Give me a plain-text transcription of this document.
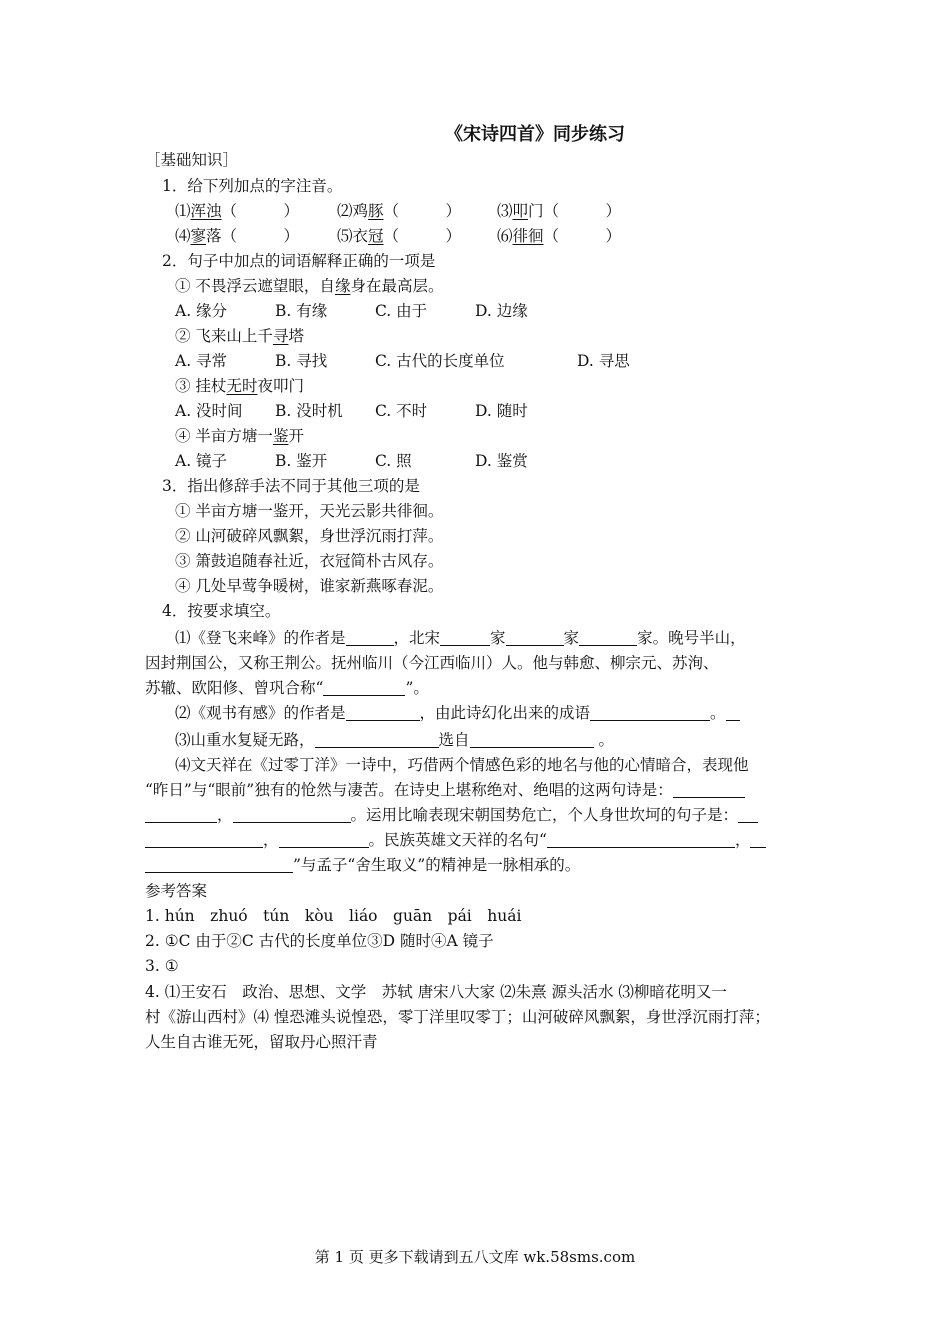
《宋诗四首》同步练习
［基础知识］
1．给下列加点的字注音。
⑴浑浊（　　　） ⑵鸡豚（　　　） ⑶叩门（　　　）
⑷寥落（　　　） ⑸衣冠（　　　） ⑹徘徊（　　　）
2．句子中加点的词语解释正确的一项是
① 不畏浮云遮望眼，自缘身在最高层。
A. 缘分	B. 有缘	C. 由于	D. 边缘
② 飞来山上千寻塔
A. 寻常	B. 寻找	C. 古代的长度单位	D. 寻思
③ 挂杖无时夜叩门
A. 没时间 B. 没时机 C. 不时	D. 随时
④ 半亩方塘一鉴开
A. 镜子	B. 鉴开	C. 照	D. 鉴赏
3．指出修辞手法不同于其他三项的是
① 半亩方塘一鉴开，天光云影共徘徊。
② 山河破碎风飘絮，身世浮沉雨打萍。
③ 箫鼓追随春社近，衣冠简朴古风存。
④ 几处早莺争暖树，谁家新燕啄春泥。
4．按要求填空。
⑴《登飞来峰》的作者是	，北宋	家	家	家。晚号半山，
因封荆国公，又称王荆公。抚州临川（今江西临川）人。他与韩愈、柳宗元、苏洵、
苏辙、欧阳修、曾巩合称“	”。
⑵《观书有感》的作者是	，由此诗幻化出来的成语	。
⑶山重水复疑无路，	选自	。
⑷文天祥在《过零丁洋》一诗中，巧借两个情感色彩的地名与他的心情暗合，表现他
“昨日”与“眼前”独有的怆然与凄苦。在诗史上堪称绝对、绝唱的这两句诗是：
，	。运用比喻表现宋朝国势危亡，个人身世坎坷的句子是：
，	。民族英雄文天祥的名句“	，
”与孟子“舍生取义”的精神是一脉相承的。
参考答案
1. hún　zhuó　tún　kòu　liáo　guān　pái　huái
2. ①C 由于②C 古代的长度单位③D 随时④A 镜子
3. ①
4. ⑴王安石　政治、思想、文学　苏轼 唐宋八大家 ⑵朱熹 源头活水 ⑶柳暗花明又一
村《游山西村》⑷ 惶恐滩头说惶恐，零丁洋里叹零丁；山河破碎风飘絮，身世浮沉雨打萍；
人生自古谁无死，留取丹心照汗青
第 1 页 更多下载请到五八文库 wk.58sms.com
